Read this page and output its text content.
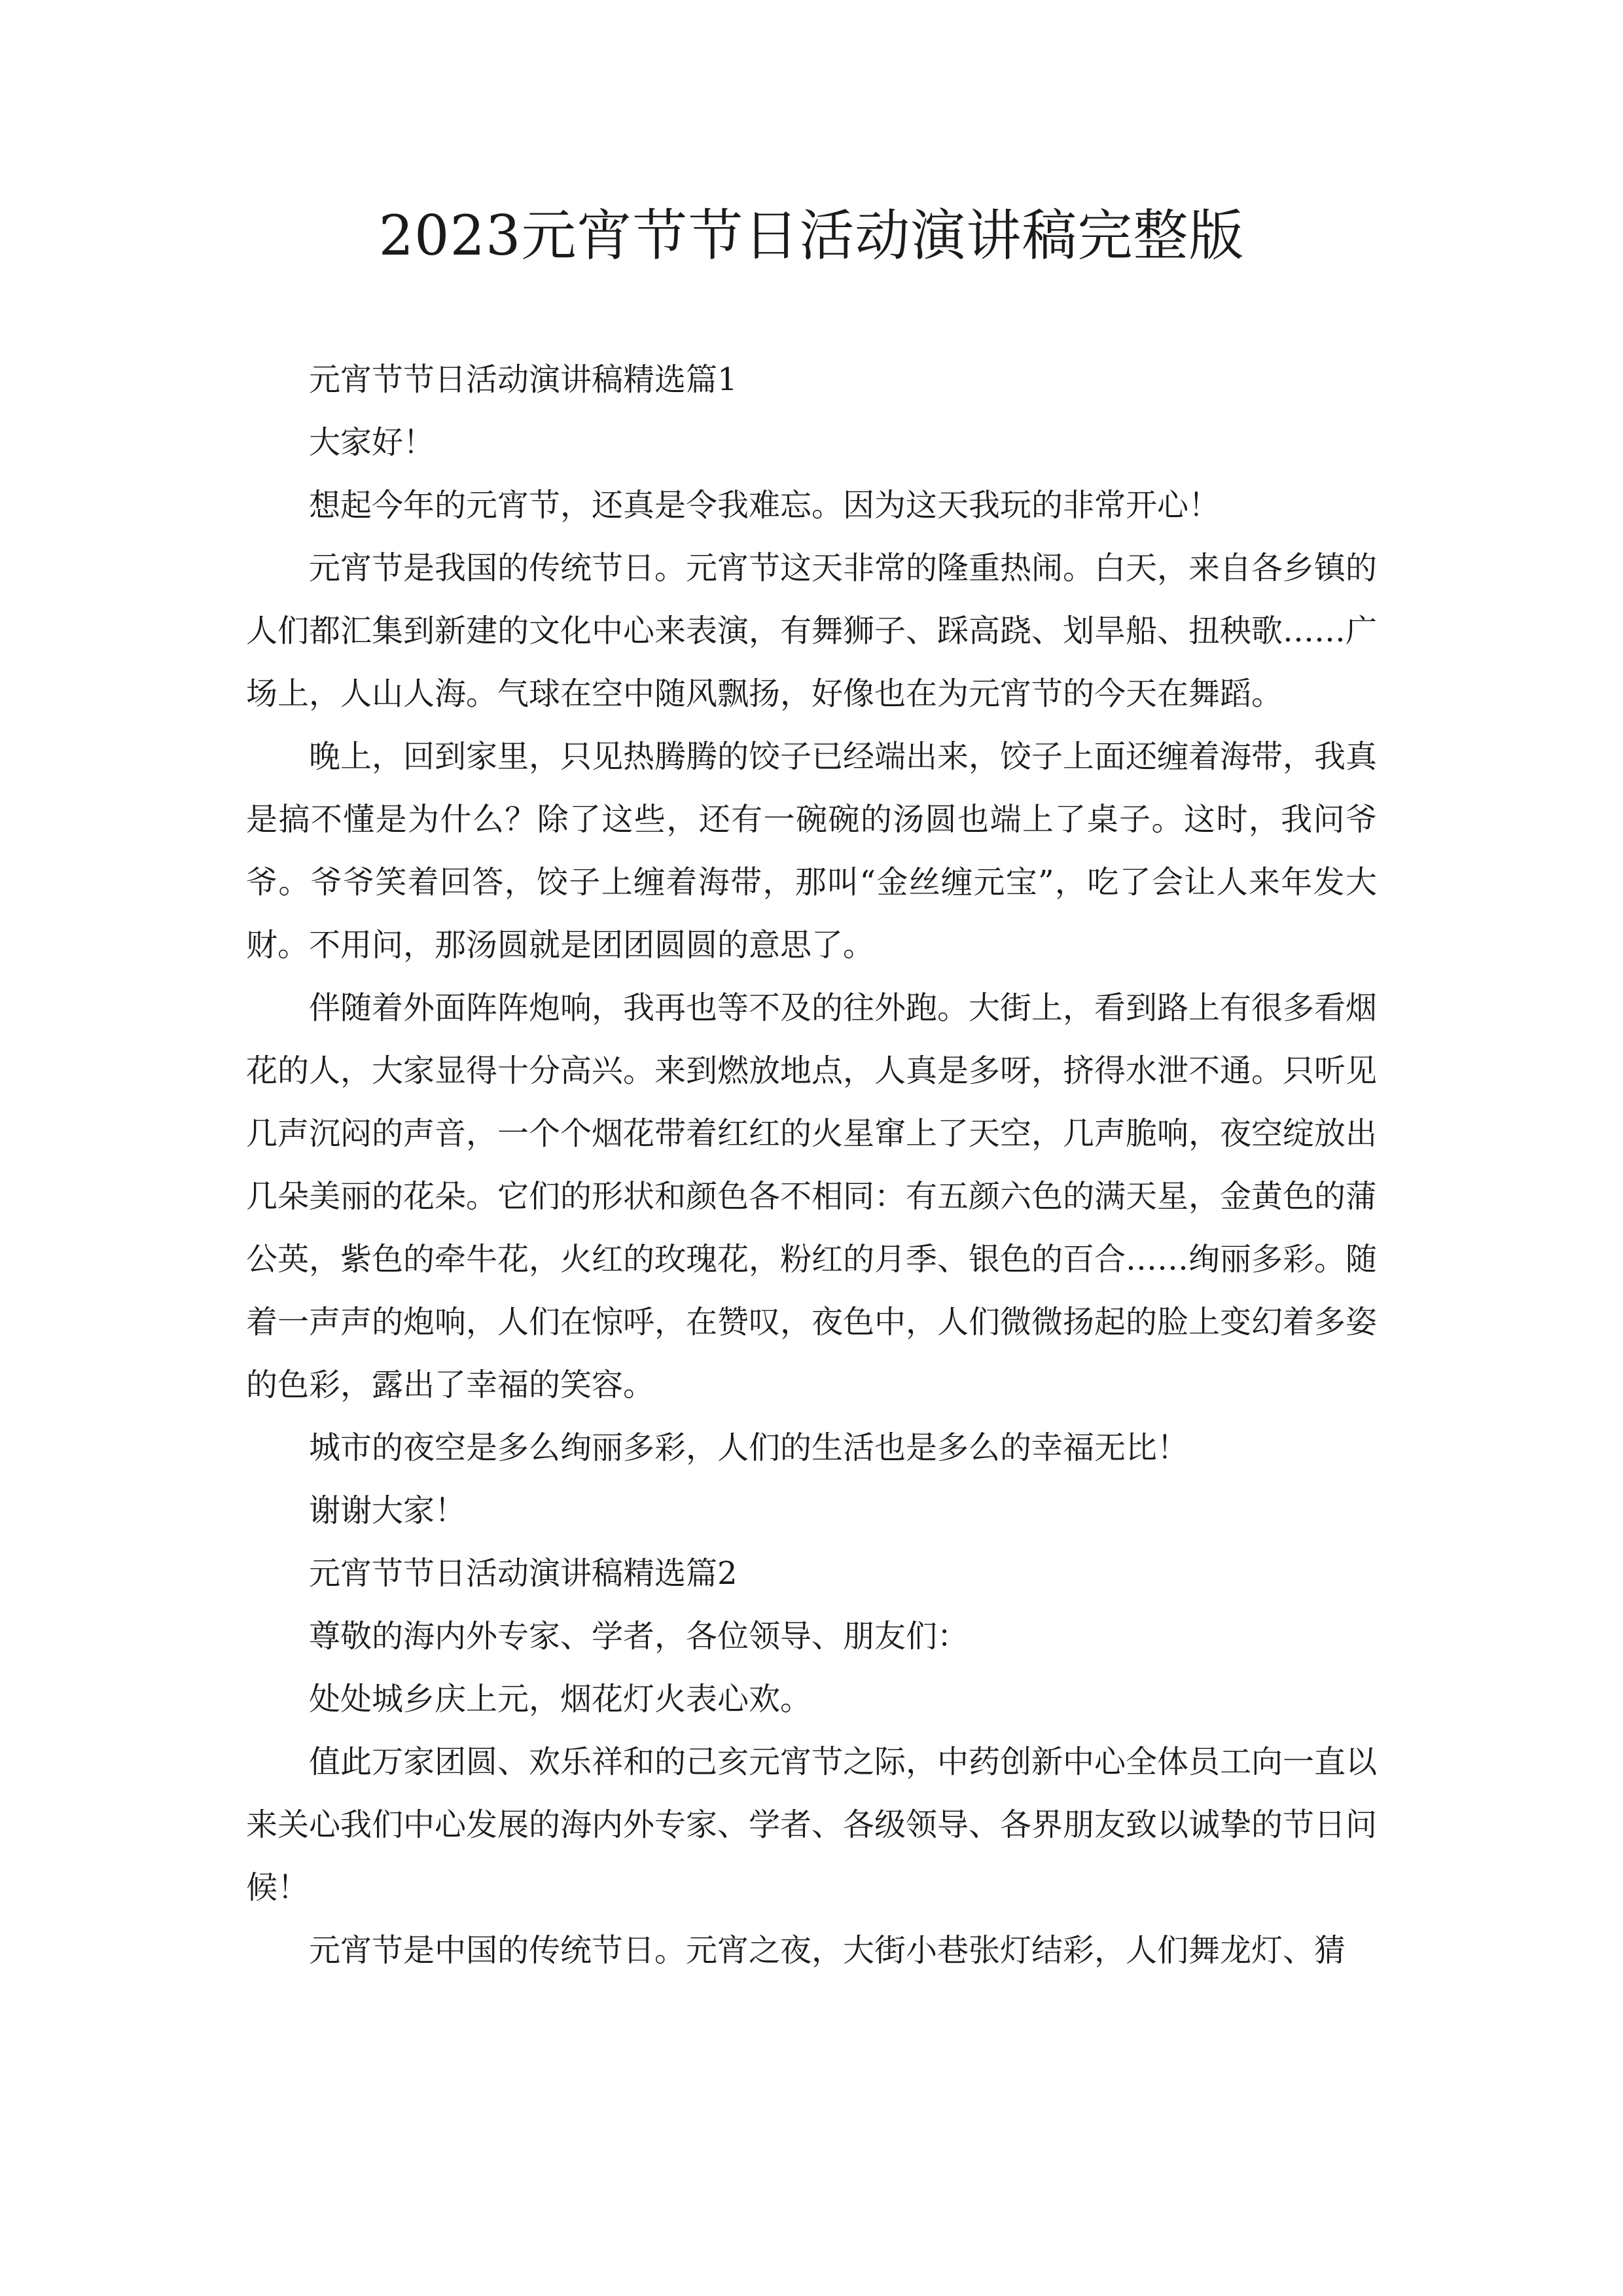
2023元宵节节日活动演讲稿完整版

元宵节节日活动演讲稿精选篇1

大家好！

想起今年的元宵节，还真是令我难忘。因为这天我玩的非常开心！

元宵节是我国的传统节日。元宵节这天非常的隆重热闹。白天，来自各乡镇的人们都汇集到新建的文化中心来表演，有舞狮子、踩高跷、划旱船、扭秧歌……广场上，人山人海。气球在空中随风飘扬，好像也在为元宵节的今天在舞蹈。

晚上，回到家里，只见热腾腾的饺子已经端出来，饺子上面还缠着海带，我真是搞不懂是为什么？除了这些，还有一碗碗的汤圆也端上了桌子。这时，我问爷爷。爷爷笑着回答，饺子上缠着海带，那叫“金丝缠元宝”，吃了会让人来年发大财。不用问，那汤圆就是团团圆圆的意思了。

伴随着外面阵阵炮响，我再也等不及的往外跑。大街上，看到路上有很多看烟花的人，大家显得十分高兴。来到燃放地点，人真是多呀，挤得水泄不通。只听见几声沉闷的声音，一个个烟花带着红红的火星窜上了天空，几声脆响，夜空绽放出几朵美丽的花朵。它们的形状和颜色各不相同：有五颜六色的满天星，金黄色的蒲公英，紫色的牵牛花，火红的玫瑰花，粉红的月季、银色的百合……绚丽多彩。随着一声声的炮响，人们在惊呼，在赞叹，夜色中，人们微微扬起的脸上变幻着多姿的色彩，露出了幸福的笑容。

城市的夜空是多么绚丽多彩，人们的生活也是多么的幸福无比！

谢谢大家！

元宵节节日活动演讲稿精选篇2

尊敬的海内外专家、学者，各位领导、朋友们：

处处城乡庆上元，烟花灯火表心欢。

值此万家团圆、欢乐祥和的己亥元宵节之际，中药创新中心全体员工向一直以来关心我们中心发展的海内外专家、学者、各级领导、各界朋友致以诚挚的节日问候！

元宵节是中国的传统节日。元宵之夜，大街小巷张灯结彩，人们舞龙灯、猜
